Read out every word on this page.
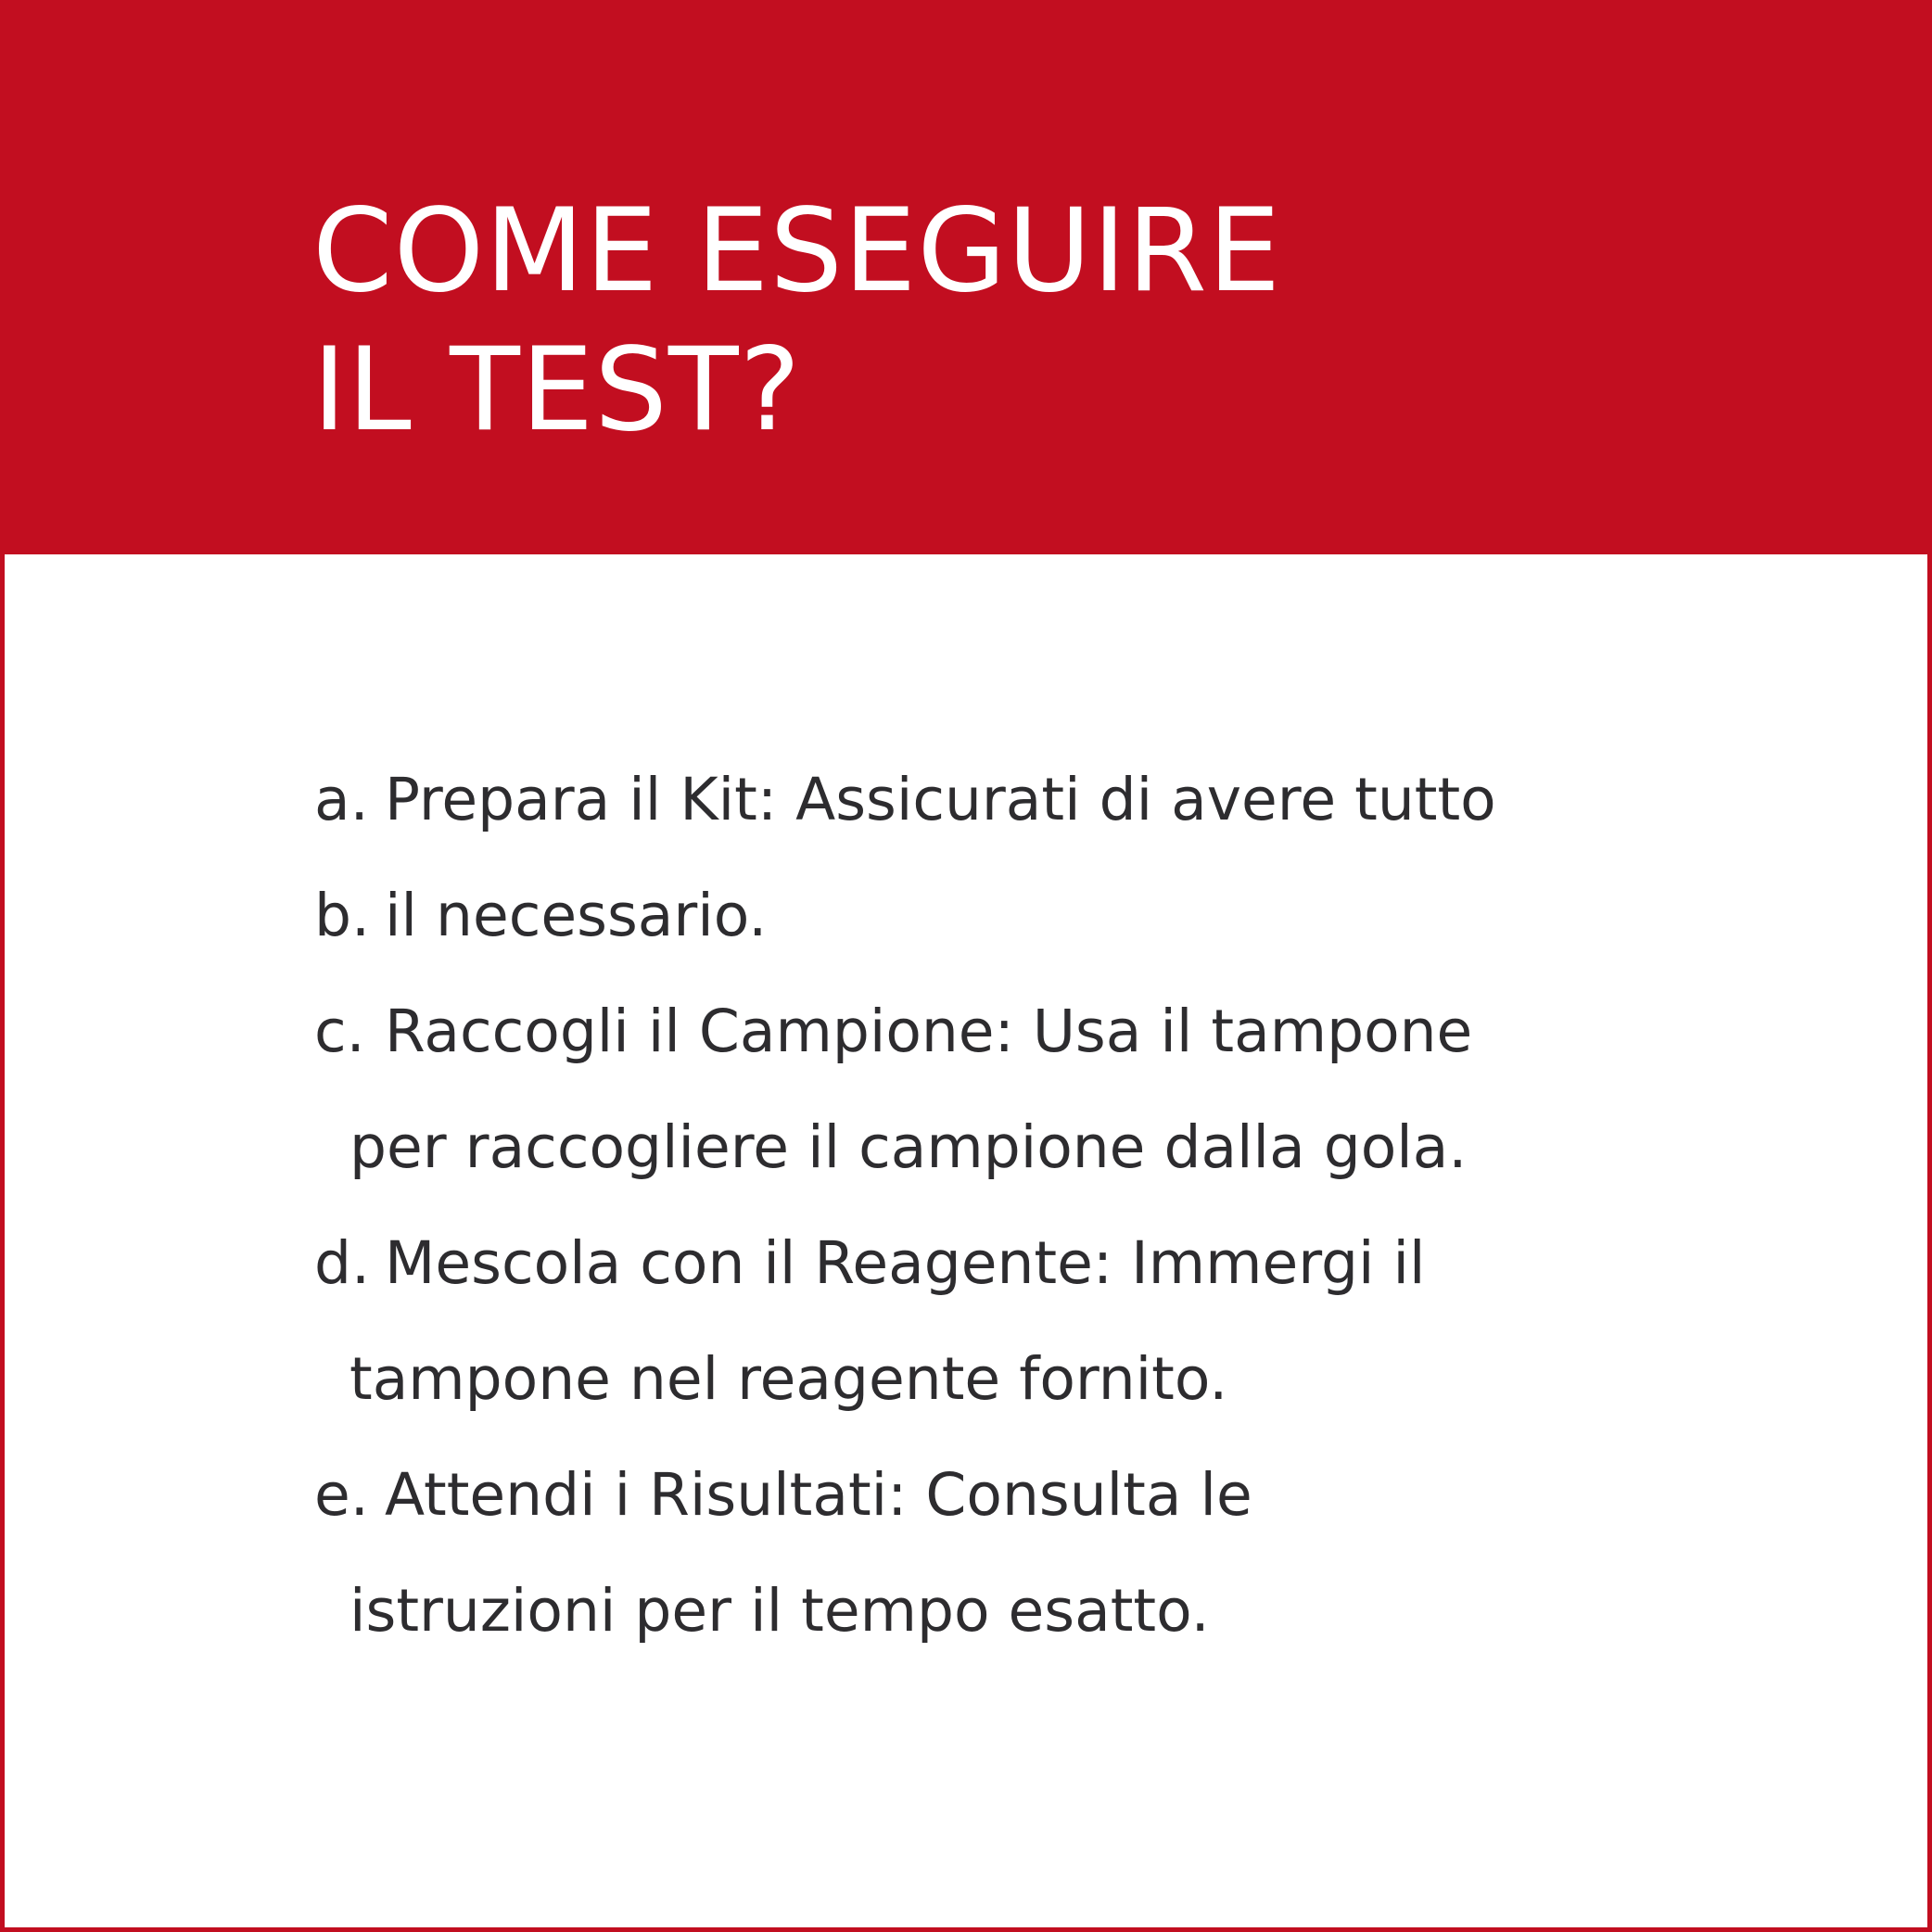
COME ESEGUIRE
IL TEST?
a. Prepara il Kit: Assicurati di avere tutto
b. il necessario.
c. Raccogli il Campione: Usa il tampone
per raccogliere il campione dalla gola.
d. Mescola con il Reagente: Immergi il
tampone nel reagente fornito.
e. Attendi i Risultati: Consulta le
istruzioni per il tempo esatto.
